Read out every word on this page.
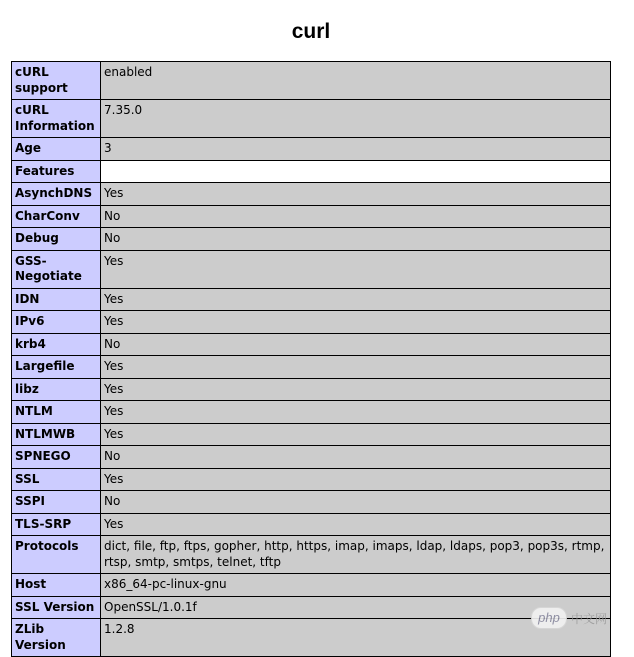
curl
cURL support	enabled
cURL Information	7.35.0
Age	3
Features	
AsynchDNS	Yes
CharConv	No
Debug	No
GSS-Negotiate	Yes
IDN	Yes
IPv6	Yes
krb4	No
Largefile	Yes
libz	Yes
NTLM	Yes
NTLMWB	Yes
SPNEGO	No
SSL	Yes
SSPI	No
TLS-SRP	Yes
Protocols	dict, file, ftp, ftps, gopher, http, https, imap, imaps, ldap, ldaps, pop3, pop3s, rtmp, rtsp, smtp, smtps, telnet, tftp
Host	x86_64-pc-linux-gnu
SSL Version	OpenSSL/1.0.1f
ZLib Version	1.2.8
php 中文网
